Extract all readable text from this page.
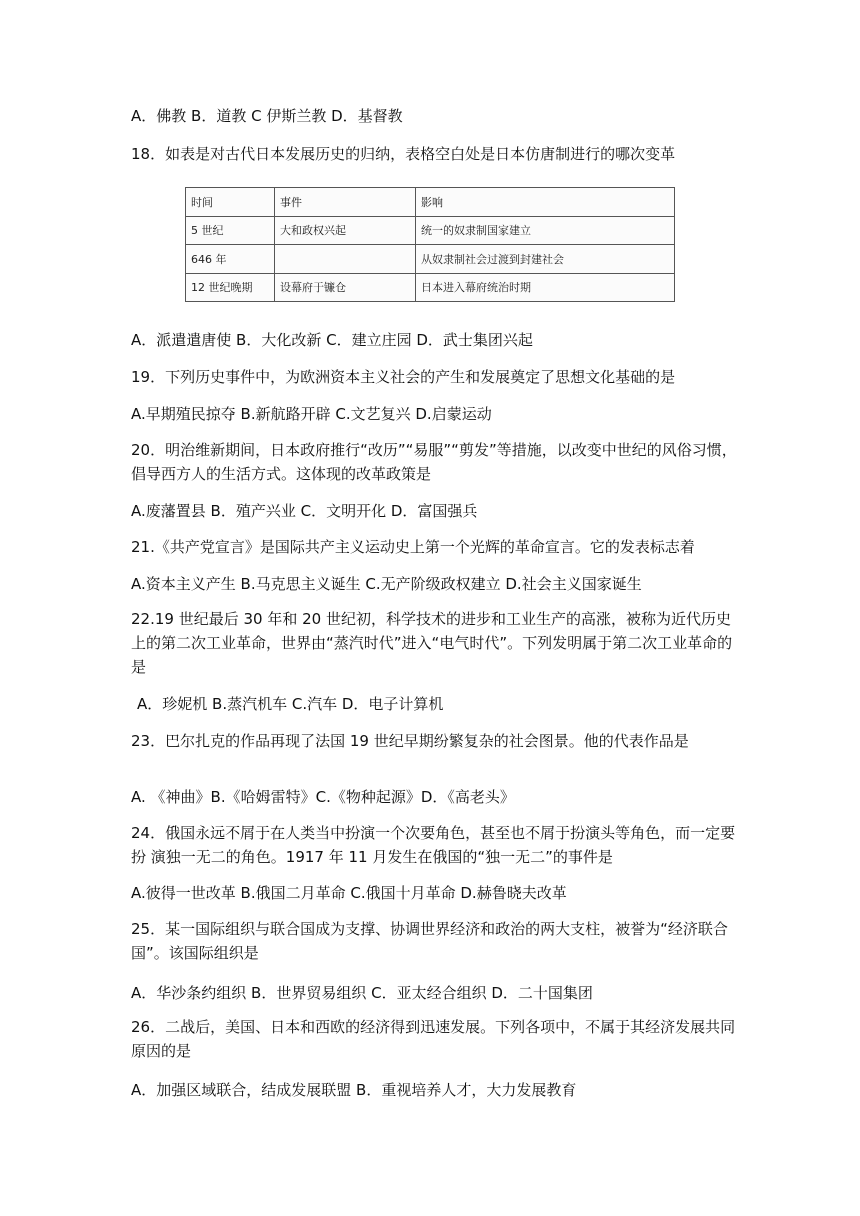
A．佛教 B．道教 C 伊斯兰教 D．基督教
18．如表是对古代日本发展历史的归纳，表格空白处是日本仿唐制进行的哪次变革
时间	事件	影响
5 世纪	大和政权兴起	统一的奴隶制国家建立
646 年		从奴隶制社会过渡到封建社会
12 世纪晚期	设幕府于镰仓	日本进入幕府统治时期
A．派遣遣唐使 B．大化改新 C．建立庄园 D．武士集团兴起
19．下列历史事件中，为欧洲资本主义社会的产生和发展奠定了思想文化基础的是
A.早期殖民掠夺 B.新航路开辟 C.文艺复兴 D.启蒙运动
20．明治维新期间，日本政府推行“改历”“易服”“剪发”等措施，以改变中世纪的风俗习惯，倡导西方人的生活方式。这体现的改革政策是
A.废藩置县 B．殖产兴业 C．文明开化 D．富国强兵
21.《共产党宣言》是国际共产主义运动史上第一个光辉的革命宣言。它的发表标志着
A.资本主义产生 B.马克思主义诞生 C.无产阶级政权建立 D.社会主义国家诞生
22.19 世纪最后 30 年和 20 世纪初，科学技术的进步和工业生产的高涨，被称为近代历史上的第二次工业革命，世界由“蒸汽时代”进入“电气时代”。下列发明属于第二次工业革命的是
A．珍妮机 B.蒸汽机车 C.汽车 D．电子计算机
23．巴尔扎克的作品再现了法国 19 世纪早期纷繁复杂的社会图景。他的代表作品是
A. 《神曲》B.《哈姆雷特》C.《物种起源》D．《高老头》
24．俄国永远不屑于在人类当中扮演一个次要角色，甚至也不屑于扮演头等角色，而一定要扮 演独一无二的角色。1917 年 11 月发生在俄国的“独一无二”的事件是
A.彼得一世改革 B.俄国二月革命 C.俄国十月革命 D.赫鲁晓夫改革
25．某一国际组织与联合国成为支撑、协调世界经济和政治的两大支柱，被誉为“经济联合 国”。该国际组织是
A．华沙条约组织 B．世界贸易组织 C．亚太经合组织 D．二十国集团
26．二战后，美国、日本和西欧的经济得到迅速发展。下列各项中，不属于其经济发展共同原因的是
A．加强区域联合，结成发展联盟 B．重视培养人才，大力发展教育
